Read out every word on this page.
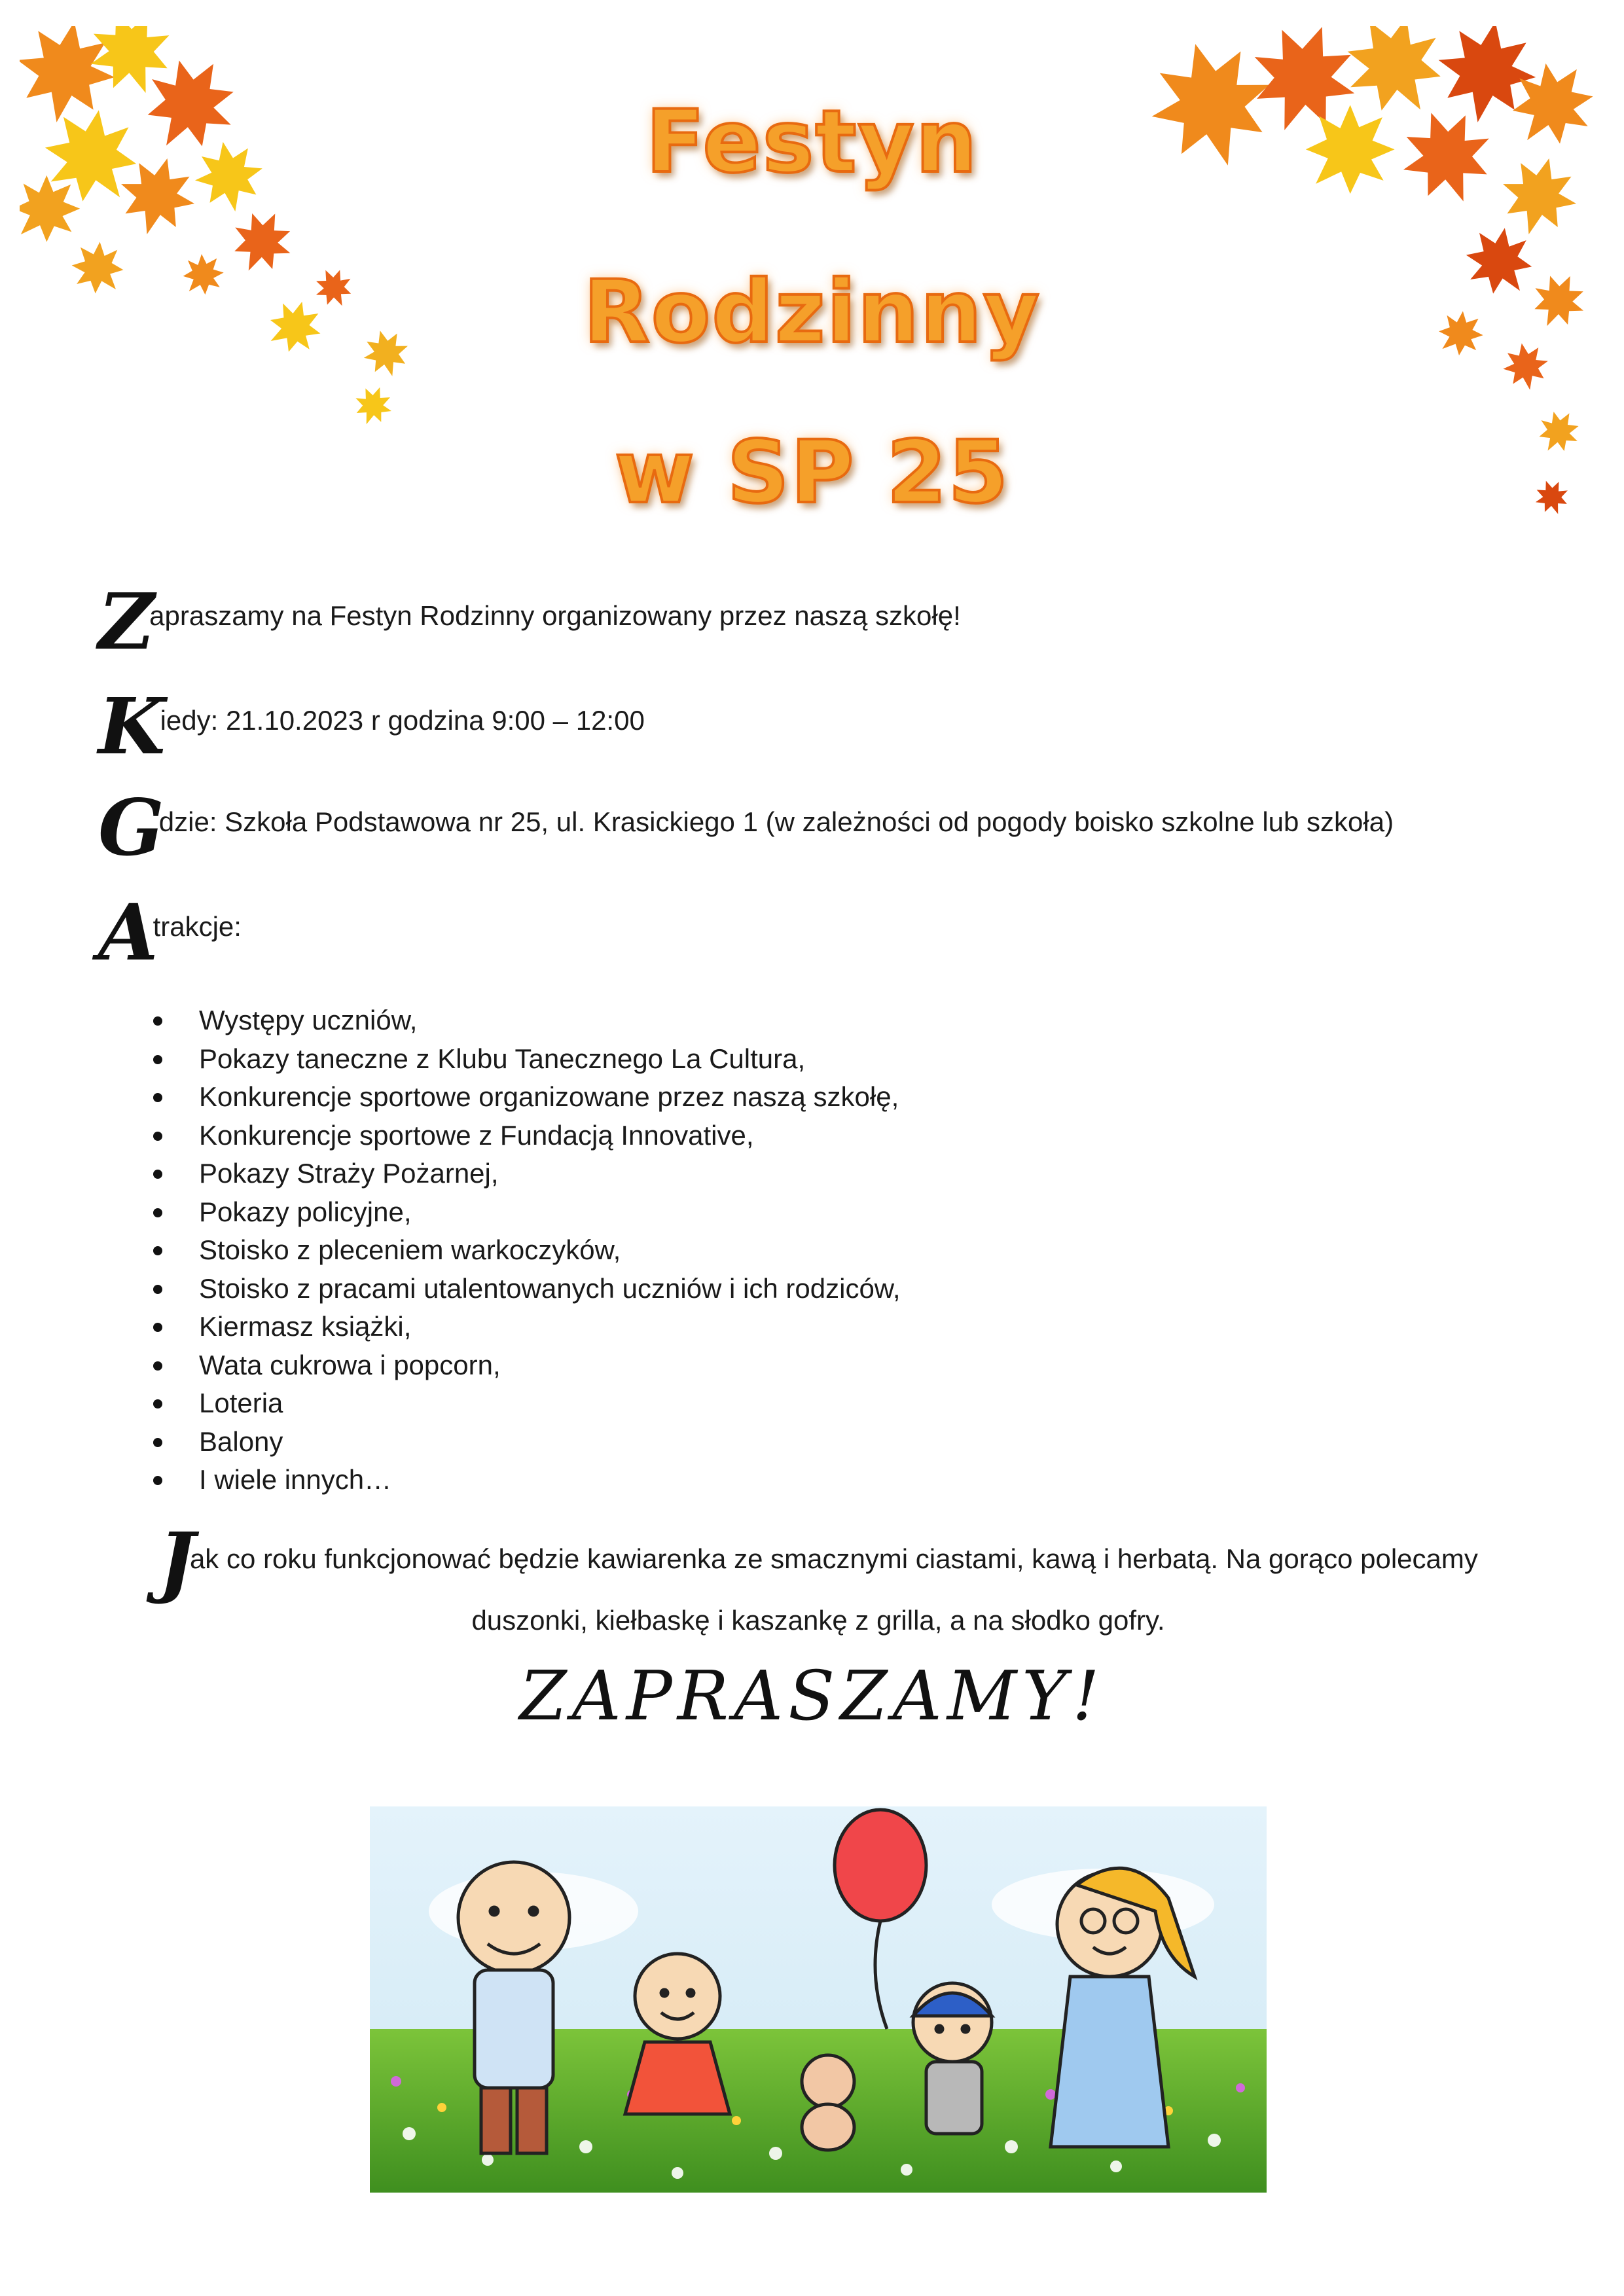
Festyn
Rodzinny
w SP 25
Zapraszamy na Festyn Rodzinny organizowany przez naszą szkołę!
Kiedy: 21.10.2023 r godzina 9:00 – 12:00
Gdzie: Szkoła Podstawowa nr 25, ul. Krasickiego 1 (w zależności od pogody boisko szkolne lub szkoła)
Atrakcje:
Występy uczniów,
Pokazy taneczne z Klubu Tanecznego La Cultura,
Konkurencje sportowe organizowane przez naszą szkołę,
Konkurencje sportowe z Fundacją Innovative,
Pokazy Straży Pożarnej,
Pokazy policyjne,
Stoisko z pleceniem warkoczyków,
Stoisko z pracami utalentowanych uczniów i ich rodziców,
Kiermasz książki,
Wata cukrowa i popcorn,
Loteria
Balony
I wiele innych…
Jak co roku funkcjonować będzie kawiarenka ze smacznymi ciastami, kawą i herbatą. Na gorąco polecamy
duszonki, kiełbaskę i kaszankę z grilla, a na słodko gofry.
ZAPRASZAMY!
